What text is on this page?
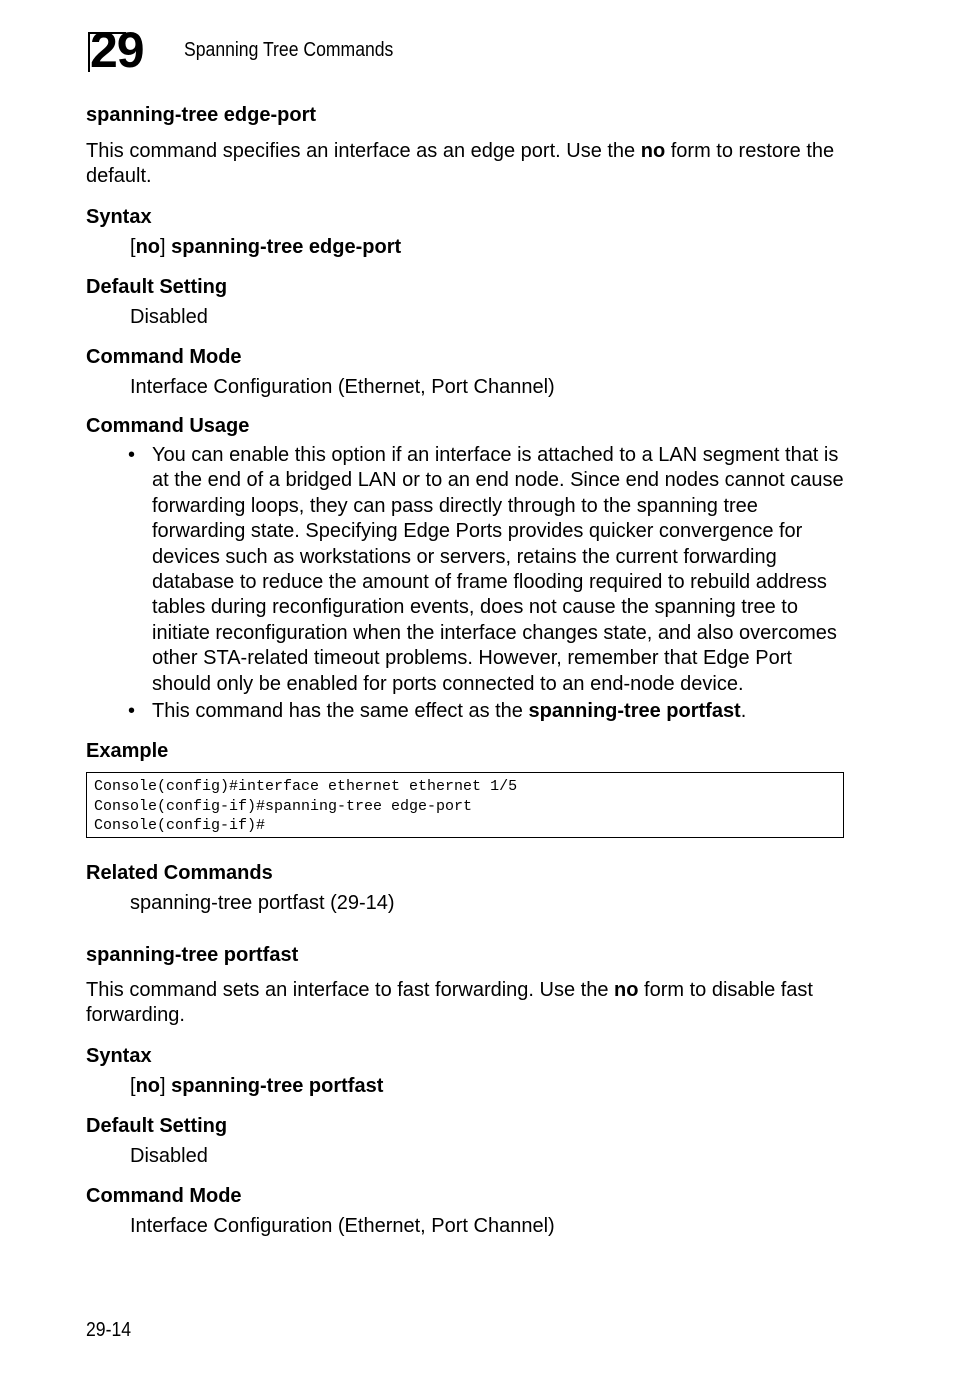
29 Spanning Tree Commands
spanning-tree edge-port
This command specifies an interface as an edge port. Use the no form to restore the default.
Syntax
[no] spanning-tree edge-port
Default Setting
Disabled
Command Mode
Interface Configuration (Ethernet, Port Channel)
Command Usage
• You can enable this option if an interface is attached to a LAN segment that is at the end of a bridged LAN or to an end node. Since end nodes cannot cause forwarding loops, they can pass directly through to the spanning tree forwarding state. Specifying Edge Ports provides quicker convergence for devices such as workstations or servers, retains the current forwarding database to reduce the amount of frame flooding required to rebuild address tables during reconfiguration events, does not cause the spanning tree to initiate reconfiguration when the interface changes state, and also overcomes other STA-related timeout problems. However, remember that Edge Port should only be enabled for ports connected to an end-node device.
• This command has the same effect as the spanning-tree portfast.
Example
Console(config)#interface ethernet ethernet 1/5
Console(config-if)#spanning-tree edge-port
Console(config-if)#
Related Commands
spanning-tree portfast (29-14)
spanning-tree portfast
This command sets an interface to fast forwarding. Use the no form to disable fast forwarding.
Syntax
[no] spanning-tree portfast
Default Setting
Disabled
Command Mode
Interface Configuration (Ethernet, Port Channel)
29-14
